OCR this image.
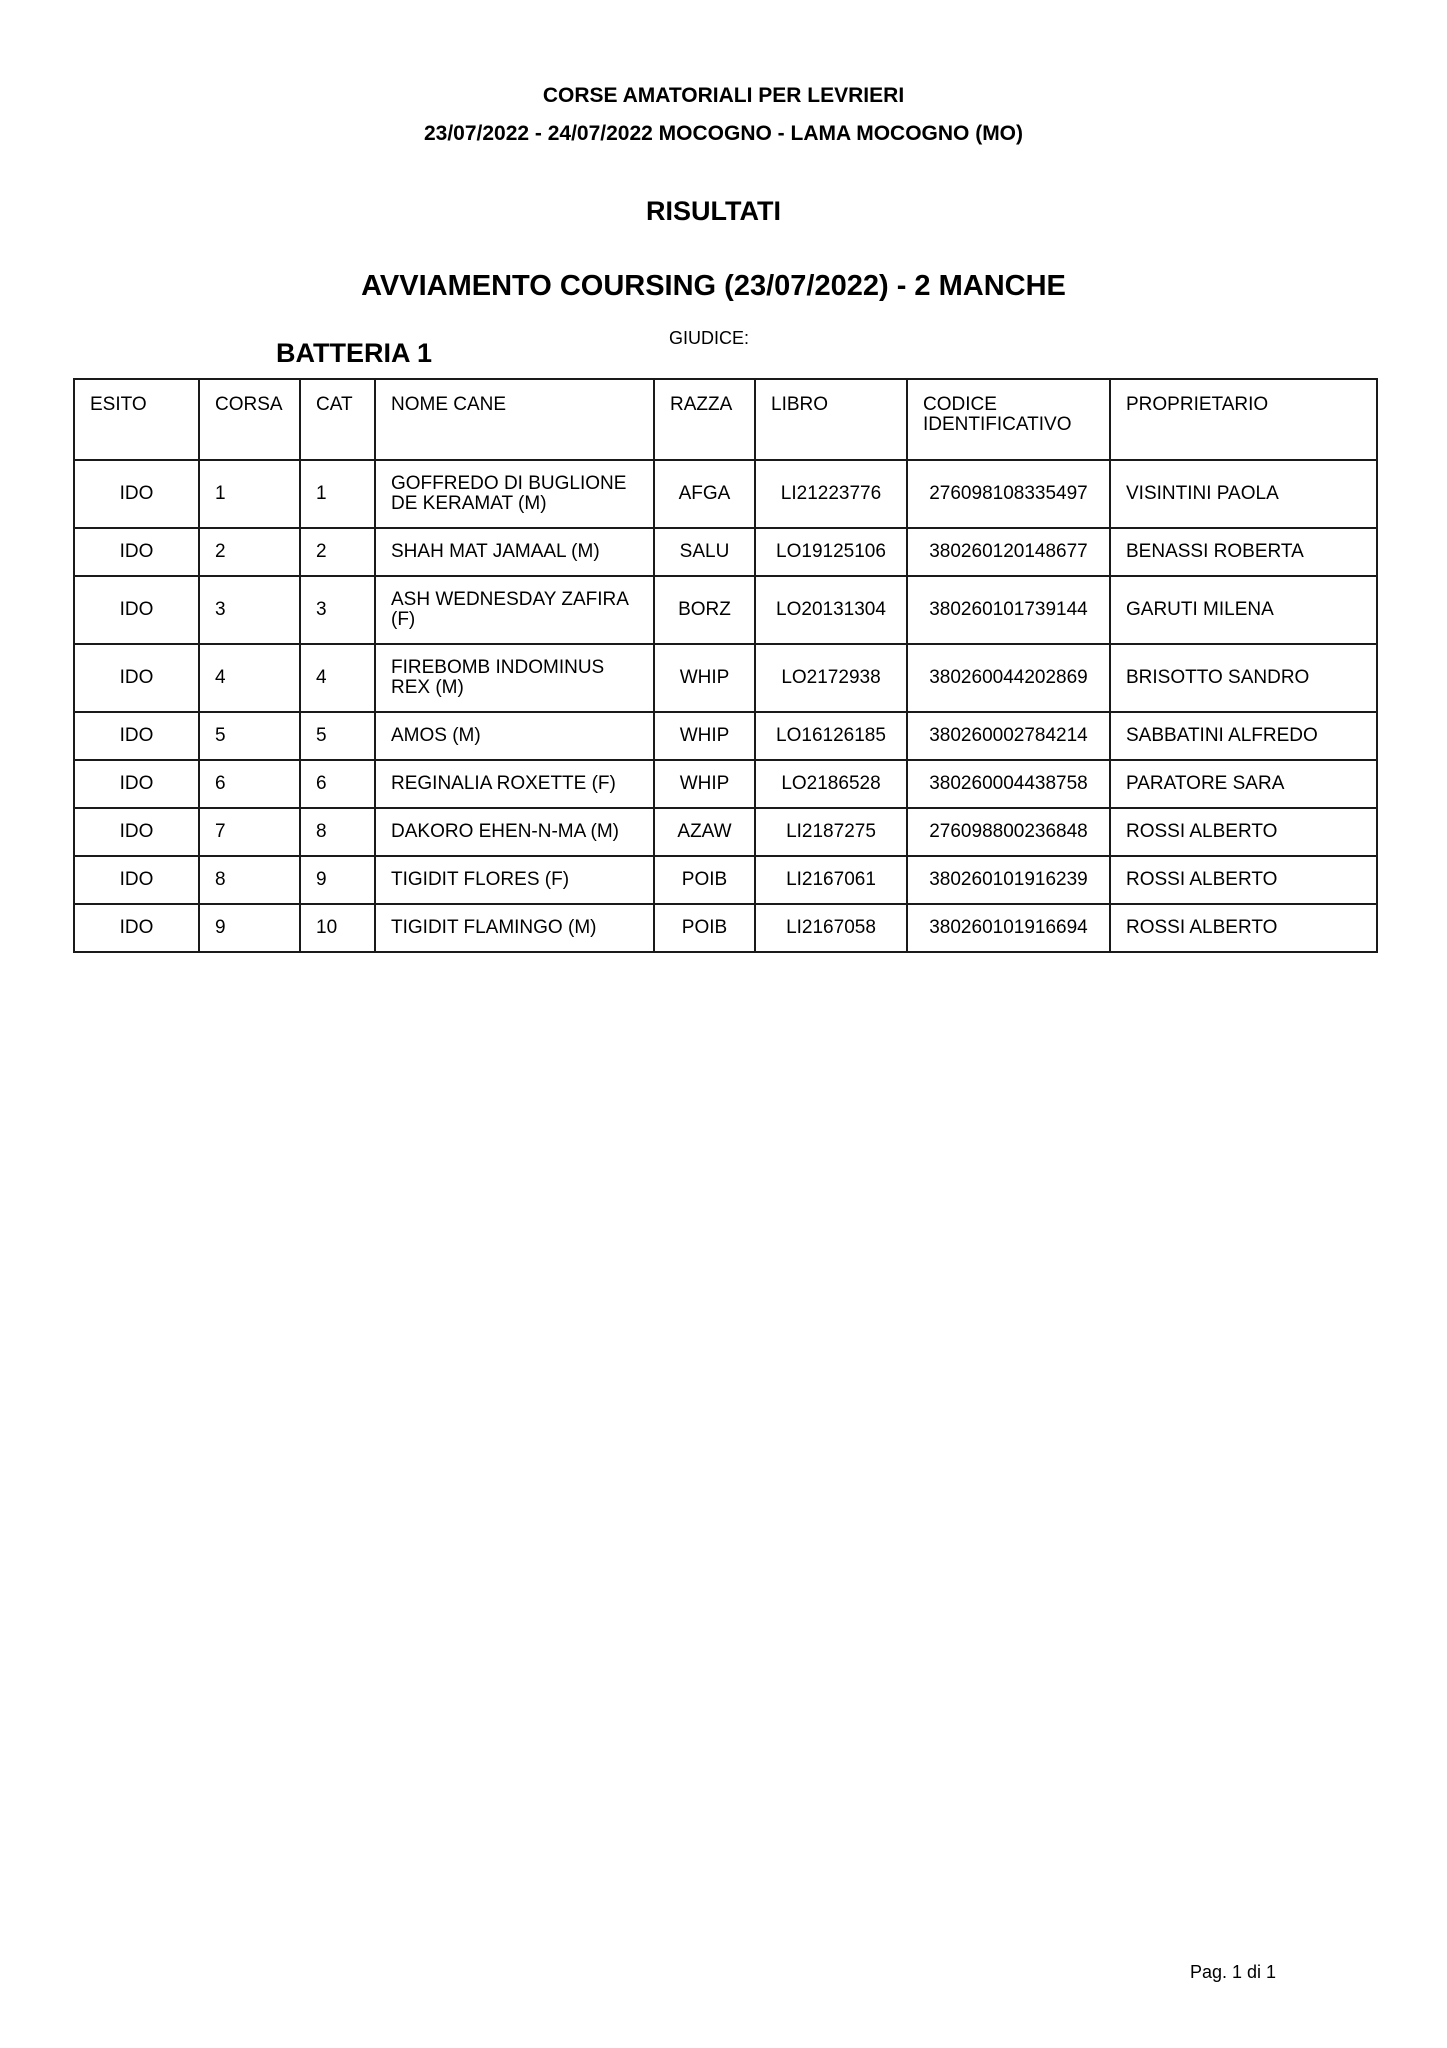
CORSE AMATORIALI PER LEVRIERI
23/07/2022 - 24/07/2022 MOCOGNO - LAMA MOCOGNO (MO)
RISULTATI
AVVIAMENTO COURSING (23/07/2022) - 2 MANCHE
BATTERIA 1	GIUDICE:
ESITO	CORSA	CAT	NOME CANE	RAZZA	LIBRO	CODICE IDENTIFICATIVO	PROPRIETARIO
IDO	1	1	GOFFREDO DI BUGLIONE DE KERAMAT (M)	AFGA	LI21223776	276098108335497	VISINTINI PAOLA
IDO	2	2	SHAH MAT JAMAAL (M)	SALU	LO19125106	380260120148677	BENASSI ROBERTA
IDO	3	3	ASH WEDNESDAY ZAFIRA (F)	BORZ	LO20131304	380260101739144	GARUTI MILENA
IDO	4	4	FIREBOMB INDOMINUS REX (M)	WHIP	LO2172938	380260044202869	BRISOTTO SANDRO
IDO	5	5	AMOS (M)	WHIP	LO16126185	380260002784214	SABBATINI ALFREDO
IDO	6	6	REGINALIA ROXETTE (F)	WHIP	LO2186528	380260004438758	PARATORE SARA
IDO	7	8	DAKORO EHEN-N-MA (M)	AZAW	LI2187275	276098800236848	ROSSI ALBERTO
IDO	8	9	TIGIDIT FLORES (F)	POIB	LI2167061	380260101916239	ROSSI ALBERTO
IDO	9	10	TIGIDIT FLAMINGO (M)	POIB	LI2167058	380260101916694	ROSSI ALBERTO
Pag. 1 di 1
